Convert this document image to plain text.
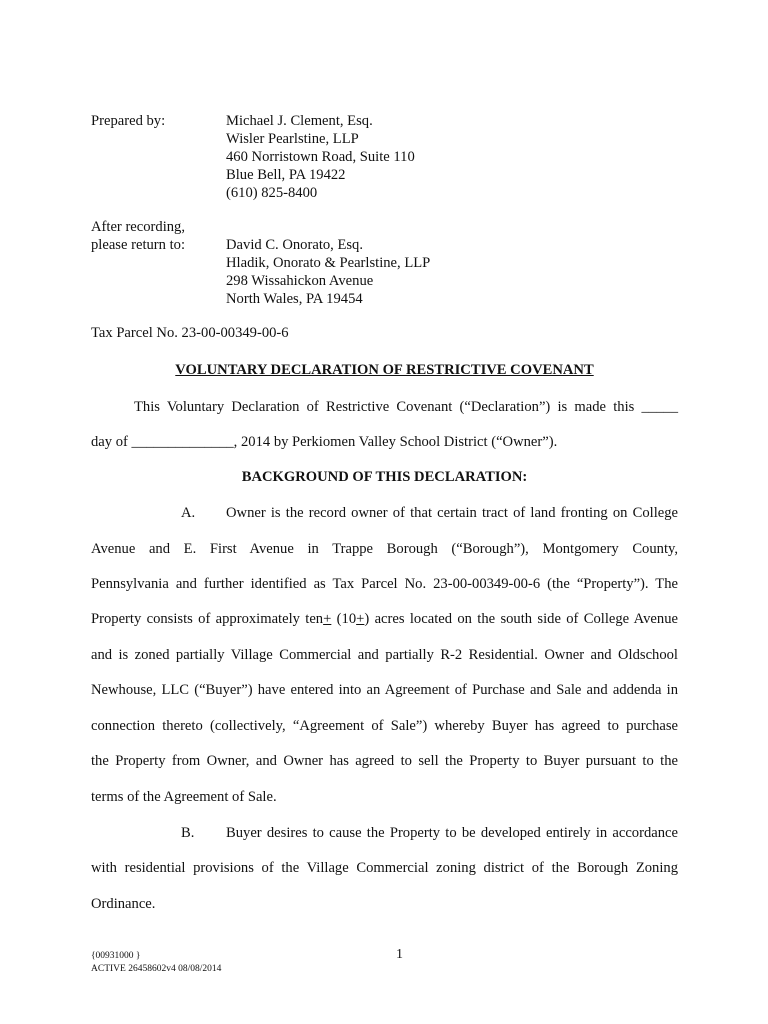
Prepared by:	Michael J. Clement, Esq.
Wisler Pearlstine, LLP
460 Norristown Road, Suite 110
Blue Bell, PA 19422
(610) 825-8400
After recording,
please return to:	David C. Onorato, Esq.
Hladik, Onorato & Pearlstine, LLP
298 Wissahickon Avenue
North Wales, PA 19454
Tax Parcel No. 23-00-00349-00-6
VOLUNTARY DECLARATION OF RESTRICTIVE COVENANT
This Voluntary Declaration of Restrictive Covenant (“Declaration”) is made this _____
day of ______________, 2014 by Perkiomen Valley School District (“Owner”).
BACKGROUND OF THIS DECLARATION:
A. Owner is the record owner of that certain tract of land fronting on College
Avenue and E. First Avenue in Trappe Borough (“Borough”), Montgomery County,
Pennsylvania and further identified as Tax Parcel No. 23-00-00349-00-6 (the “Property”). The
Property consists of approximately ten+ (10+) acres located on the south side of College Avenue
and is zoned partially Village Commercial and partially R-2 Residential. Owner and Oldschool
Newhouse, LLC (“Buyer”) have entered into an Agreement of Purchase and Sale and addenda in
connection thereto (collectively, “Agreement of Sale”) whereby Buyer has agreed to purchase
the Property from Owner, and Owner has agreed to sell the Property to Buyer pursuant to the
terms of the Agreement of Sale.
B. Buyer desires to cause the Property to be developed entirely in accordance
with residential provisions of the Village Commercial zoning district of the Borough Zoning
Ordinance.
{00931000 }
ACTIVE 26458602v4 08/08/2014
1
